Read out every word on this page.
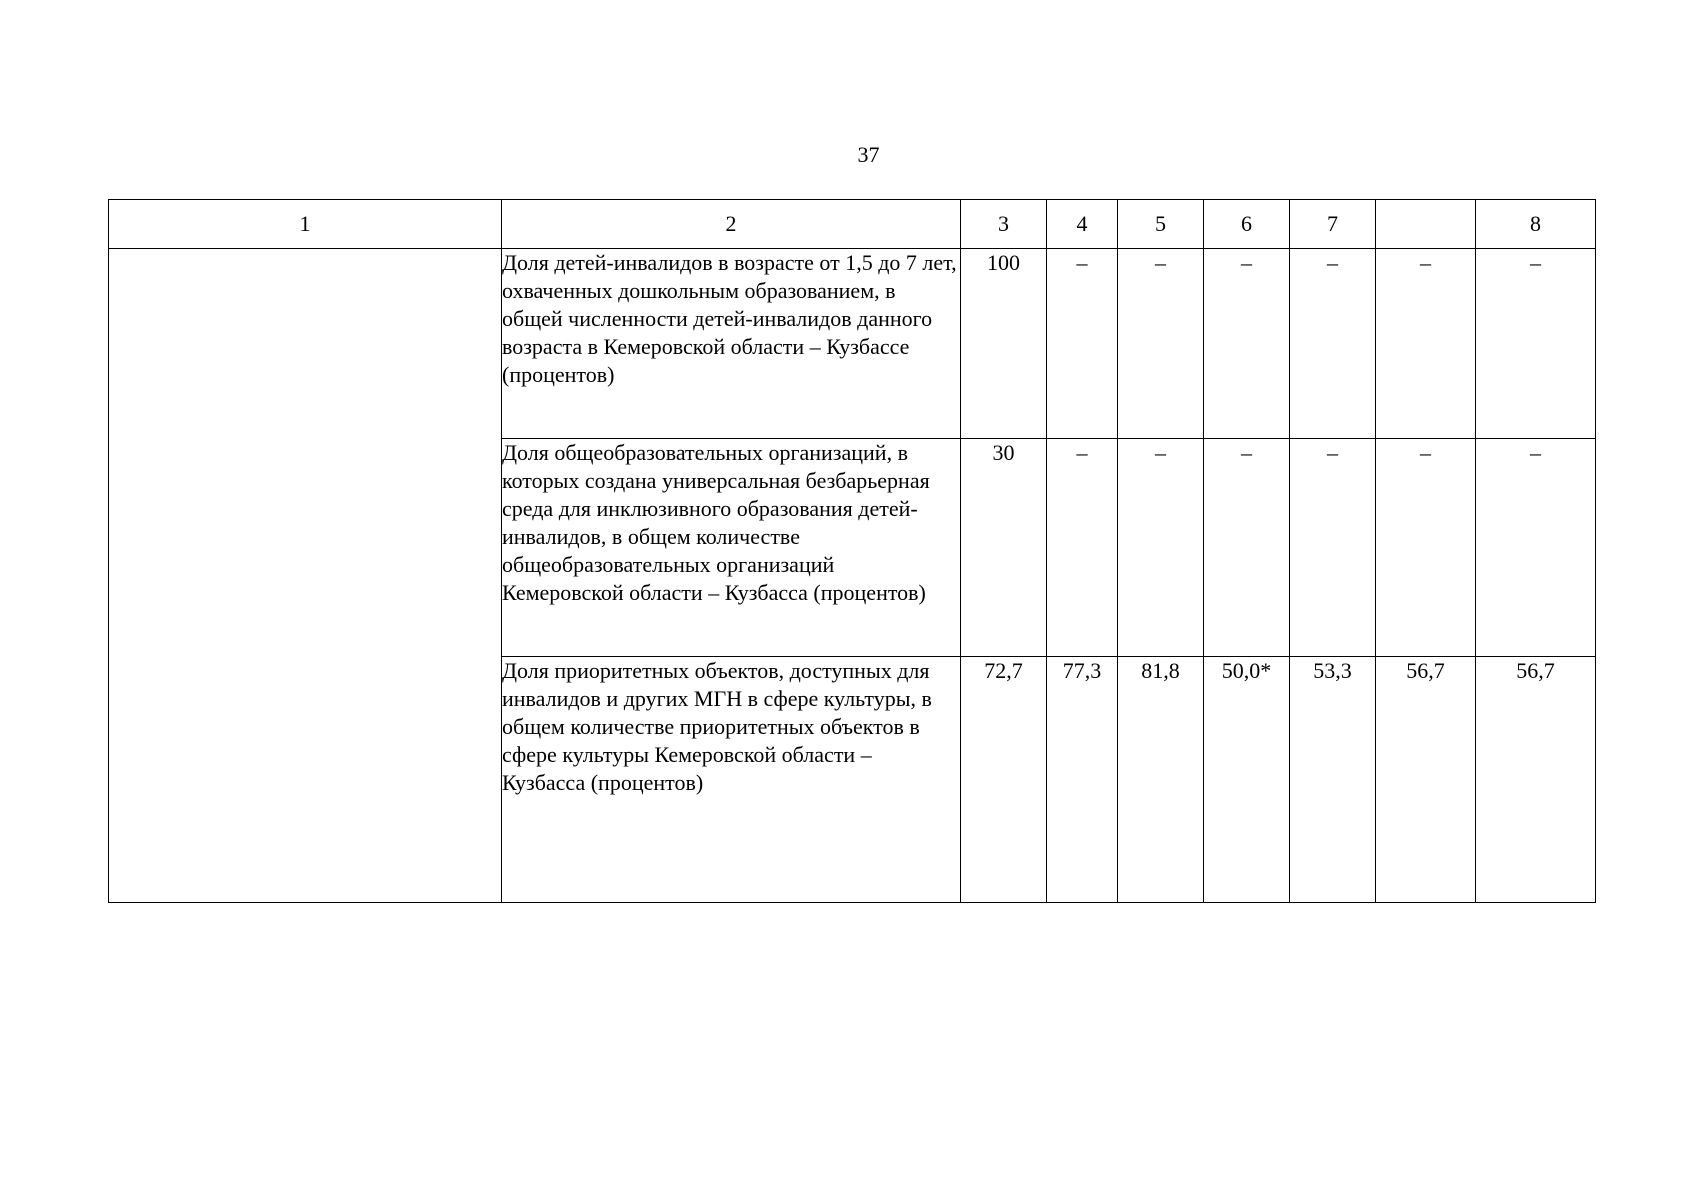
37
1	2	3	4	5	6	7		8
	Доля детей-инвалидов в возрасте от 1,5 до 7 лет, охваченных дошкольным образованием, в общей численности детей-инвалидов данного возраста в Кемеровской области – Кузбассе (процентов)	100	–	–	–	–	–	–
	Доля общеобразовательных организаций, в которых создана универсальная безбарьерная среда для инклюзивного образования детей-инвалидов, в общем количестве общеобразовательных организаций Кемеровской области – Кузбасса (процентов)	30	–	–	–	–	–	–
	Доля приоритетных объектов, доступных для инвалидов и других МГН в сфере культуры, в общем количестве приоритетных объектов в сфере культуры Кемеровской области – Кузбасса (процентов)	72,7	77,3	81,8	50,0*	53,3	56,7	56,7
